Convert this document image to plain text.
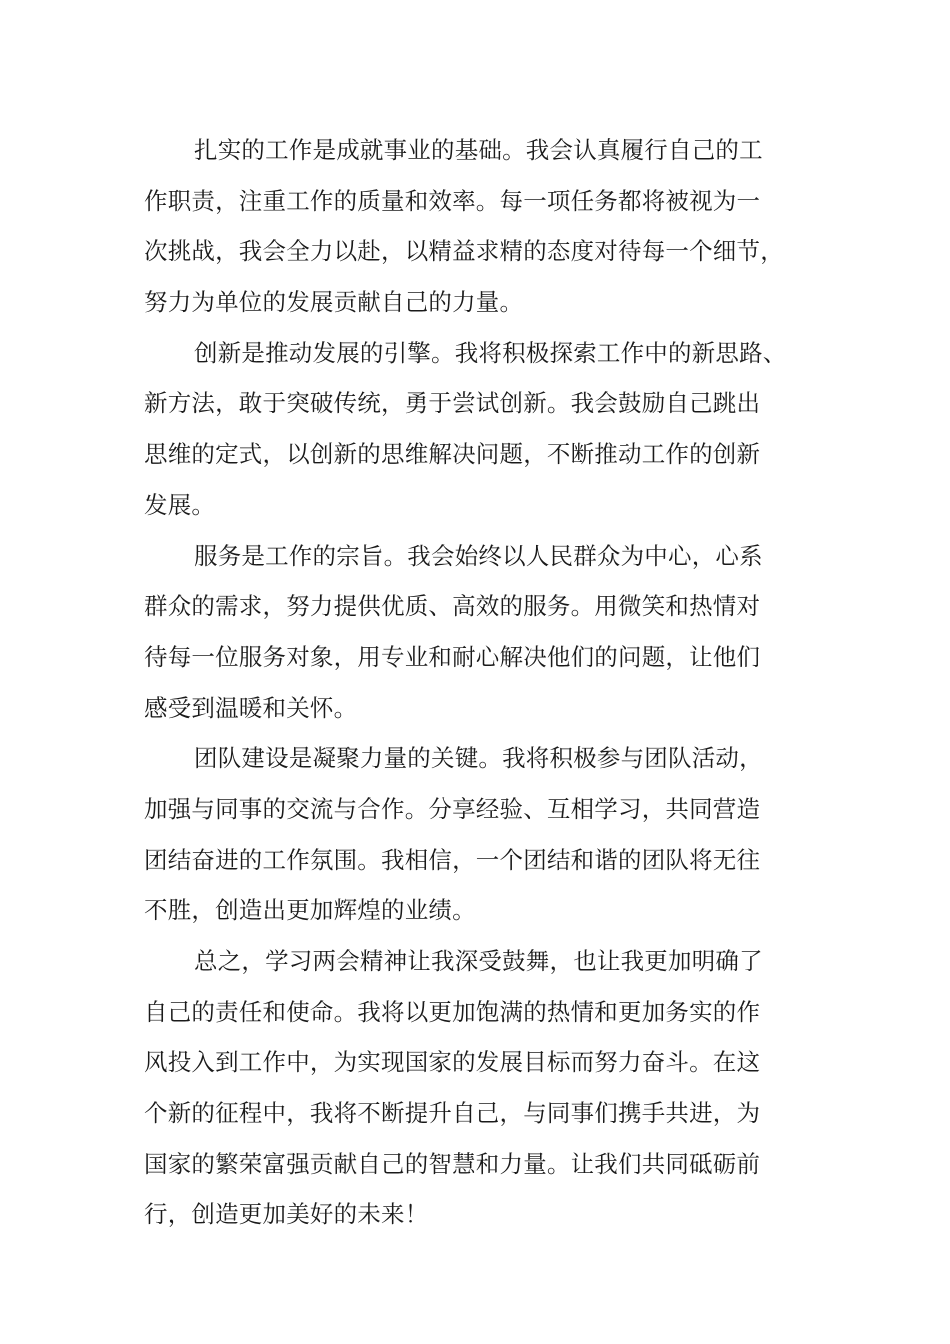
扎实的工作是成就事业的基础。我会认真履行自己的工
作职责，注重工作的质量和效率。每一项任务都将被视为一
次挑战，我会全力以赴，以精益求精的态度对待每一个细节，
努力为单位的发展贡献自己的力量。
创新是推动发展的引擎。我将积极探索工作中的新思路、
新方法，敢于突破传统，勇于尝试创新。我会鼓励自己跳出
思维的定式，以创新的思维解决问题，不断推动工作的创新
发展。
服务是工作的宗旨。我会始终以人民群众为中心，心系
群众的需求，努力提供优质、高效的服务。用微笑和热情对
待每一位服务对象，用专业和耐心解决他们的问题，让他们
感受到温暖和关怀。
团队建设是凝聚力量的关键。我将积极参与团队活动，
加强与同事的交流与合作。分享经验、互相学习，共同营造
团结奋进的工作氛围。我相信，一个团结和谐的团队将无往
不胜，创造出更加辉煌的业绩。
总之，学习两会精神让我深受鼓舞，也让我更加明确了
自己的责任和使命。我将以更加饱满的热情和更加务实的作
风投入到工作中，为实现国家的发展目标而努力奋斗。在这
个新的征程中，我将不断提升自己，与同事们携手共进，为
国家的繁荣富强贡献自己的智慧和力量。让我们共同砥砺前
行，创造更加美好的未来！
